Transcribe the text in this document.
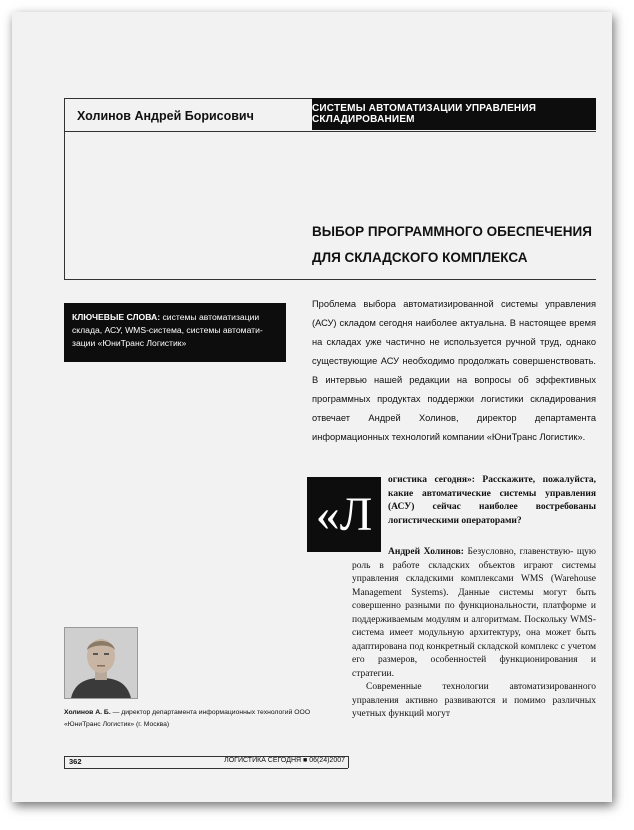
Холинов Андрей Борисович
СИСТЕМЫ АВТОМАТИЗАЦИИ УПРАВЛЕНИЯ СКЛАДИРОВАНИЕМ
ВЫБОР ПРОГРАММНОГО ОБЕСПЕЧЕНИЯ
ДЛЯ СКЛАДСКОГО КОМПЛЕКСА
КЛЮЧЕВЫЕ СЛОВА: системы автоматизации склада, АСУ, WMS-система, системы автомати-зации «ЮниТранс Логистик»
Проблема выбора автоматизированной системы управления (АСУ) складом сегодня наиболее актуальна. В настоящее время на складах уже частично не используется ручной труд, однако существующие АСУ необходимо продолжать совершенствовать. В интервью нашей редакции на вопросы об эффективных программных продуктах поддержки логистики складирования отвечает Андрей Холинов, директор департамента информационных технологий компании «ЮниТранс Логистик».
«Л
огистика сегодня»: Расскажите, пожалуйста, какие автоматические системы управления (АСУ) сейчас наиболее востребованы логистическими операторами?

Андрей Холинов: Безусловно, главенствую- щую роль в работе складских объектов играют системы управления складскими комплексами WMS (Warehouse Management Systems). Данные системы могут быть совершенно разными по функциональности, платформе и поддерживаемым модулям и алгоритмам. Поскольку WMS-система имеет модульную архитектуру, она может быть адаптирована под конкретный складской комплекс с учетом его размеров, особенностей функционирования и стратегии.

Современные технологии автоматизированного управления активно развиваются и помимо различных учетных функций могут

Холинов А. Б. — директор департамента информационных технологий ООО «ЮниТранс Логистик» (г. Москва)
362	ЛОГИСТИКА СЕГОДНЯ ■ 06(24)2007
